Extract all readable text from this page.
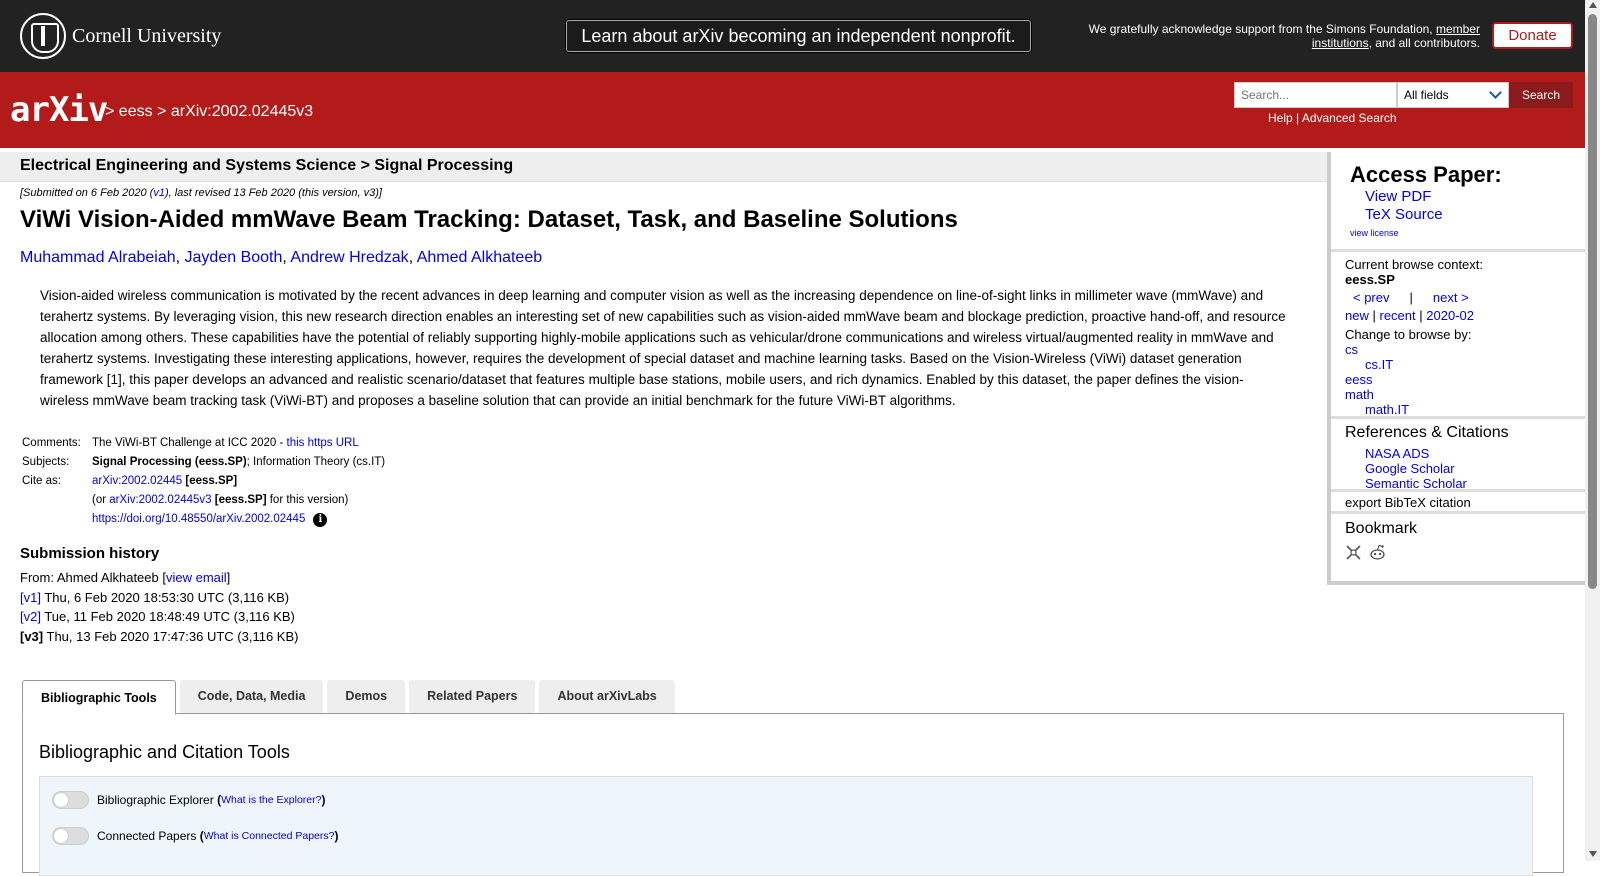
Cornell University	Learn about arXiv becoming an independent nonprofit.	We gratefully acknowledge support from the Simons Foundation, member institutions, and all contributors.	Donate
arXiv
> eess > arXiv:2002.02445v3
Search...
All fields	Search
Help | Advanced Search
Electrical Engineering and Systems Science > Signal Processing
[Submitted on 6 Feb 2020 (v1), last revised 13 Feb 2020 (this version, v3)]
ViWi Vision-Aided mmWave Beam Tracking: Dataset, Task, and Baseline Solutions
Muhammad Alrabeiah, Jayden Booth, Andrew Hredzak, Ahmed Alkhateeb

Vision-aided wireless communication is motivated by the recent advances in deep learning and computer vision as well as the increasing dependence on line-of-sight links in millimeter wave (mmWave) and terahertz systems. By leveraging vision, this new research direction enables an interesting set of new capabilities such as vision-aided mmWave beam and blockage prediction, proactive hand-off, and resource allocation among others. These capabilities have the potential of reliably supporting highly-mobile applications such as vehicular/drone communications and wireless virtual/augmented reality in mmWave and terahertz systems. Investigating these interesting applications, however, requires the development of special dataset and machine learning tasks. Based on the Vision-Wireless (ViWi) dataset generation framework [1], this paper develops an advanced and realistic scenario/dataset that features multiple base stations, mobile users, and rich dynamics. Enabled by this dataset, the paper defines the vision-wireless mmWave beam tracking task (ViWi-BT) and proposes a baseline solution that can provide an initial benchmark for the future ViWi-BT algorithms.

Comments:	The ViWi-BT Challenge at ICC 2020 - this https URL
Subjects:	Signal Processing (eess.SP); Information Theory (cs.IT)
Cite as:	arXiv:2002.02445 [eess.SP]
	(or arXiv:2002.02445v3 [eess.SP] for this version)
	https://doi.org/10.48550/arXiv.2002.02445 i
Submission history
From: Ahmed Alkhateeb [view email]
[v1] Thu, 6 Feb 2020 18:53:30 UTC (3,116 KB)
[v2] Tue, 11 Feb 2020 18:48:49 UTC (3,116 KB)
[v3] Thu, 13 Feb 2020 17:47:36 UTC (3,116 KB)
Bibliographic Tools	Code, Data, Media	Demos	Related Papers	About arXivLabs
Bibliographic and Citation Tools
Bibliographic Explorer
( What is the Explorer? )
Connected Papers
( What is Connected Papers? )
Access Paper:
View PDF
TeX Source
view license
Current browse context:
eess.SP
< prev | next >
new | recent | 2020-02
Change to browse by:
cs
cs.IT
eess
math
math.IT
References & Citations
NASA ADS
Google Scholar
Semantic Scholar
export BibTeX citation
Bookmark
